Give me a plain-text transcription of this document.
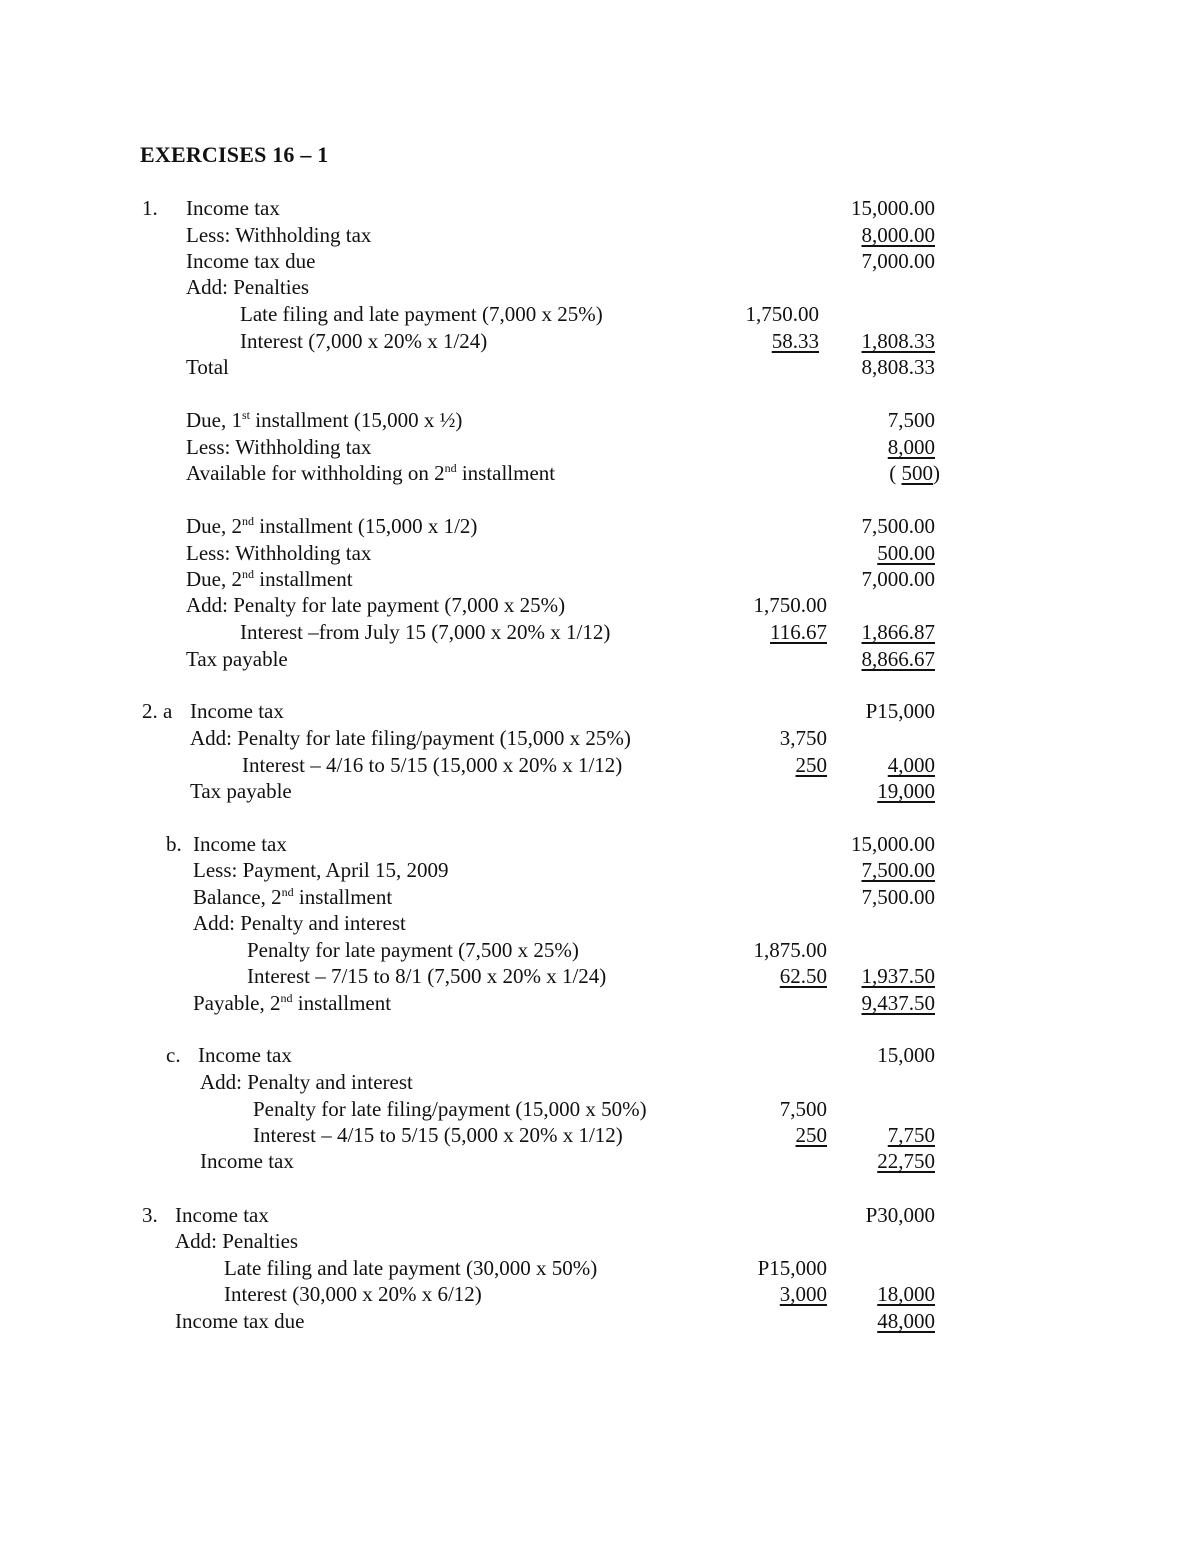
EXERCISES 16 – 1
1. Income tax	15,000.00
Less: Withholding tax	8,000.00
Income tax due	7,000.00
Add: Penalties
Late filing and late payment (7,000 x 25%)	1,750.00
Interest (7,000 x 20% x 1/24)	58.33 1,808.33
Total	8,808.33
Due, 1st installment (15,000 x ½)	7,500
Less: Withholding tax	8,000
Available for withholding on 2nd installment	( 500)
Due, 2nd installment (15,000 x 1/2)	7,500.00
Less: Withholding tax	500.00
Due, 2nd installment	7,000.00
Add: Penalty for late payment (7,000 x 25%)	1,750.00
Interest –from July 15 (7,000 x 20% x 1/12)	116.67 1,866.87
Tax payable	8,866.67
2. a Income tax	P15,000
Add: Penalty for late filing/payment (15,000 x 25%)	3,750
Interest – 4/16 to 5/15 (15,000 x 20% x 1/12)	250	4,000
Tax payable	19,000
b. Income tax	15,000.00
Less: Payment, April 15, 2009	7,500.00
Balance, 2nd installment	7,500.00
Add: Penalty and interest
Penalty for late payment (7,500 x 25%)	1,875.00
Interest – 7/15 to 8/1 (7,500 x 20% x 1/24)	62.50 1,937.50
Payable, 2nd installment	9,437.50
c. Income tax	15,000
Add: Penalty and interest
Penalty for late filing/payment (15,000 x 50%)	7,500
Interest – 4/15 to 5/15 (5,000 x 20% x 1/12)	250	7,750
Income tax	22,750
3. Income tax	P30,000
Add: Penalties
Late filing and late payment (30,000 x 50%)	P15,000
Interest (30,000 x 20% x 6/12)	3,000 18,000
Income tax due	48,000
